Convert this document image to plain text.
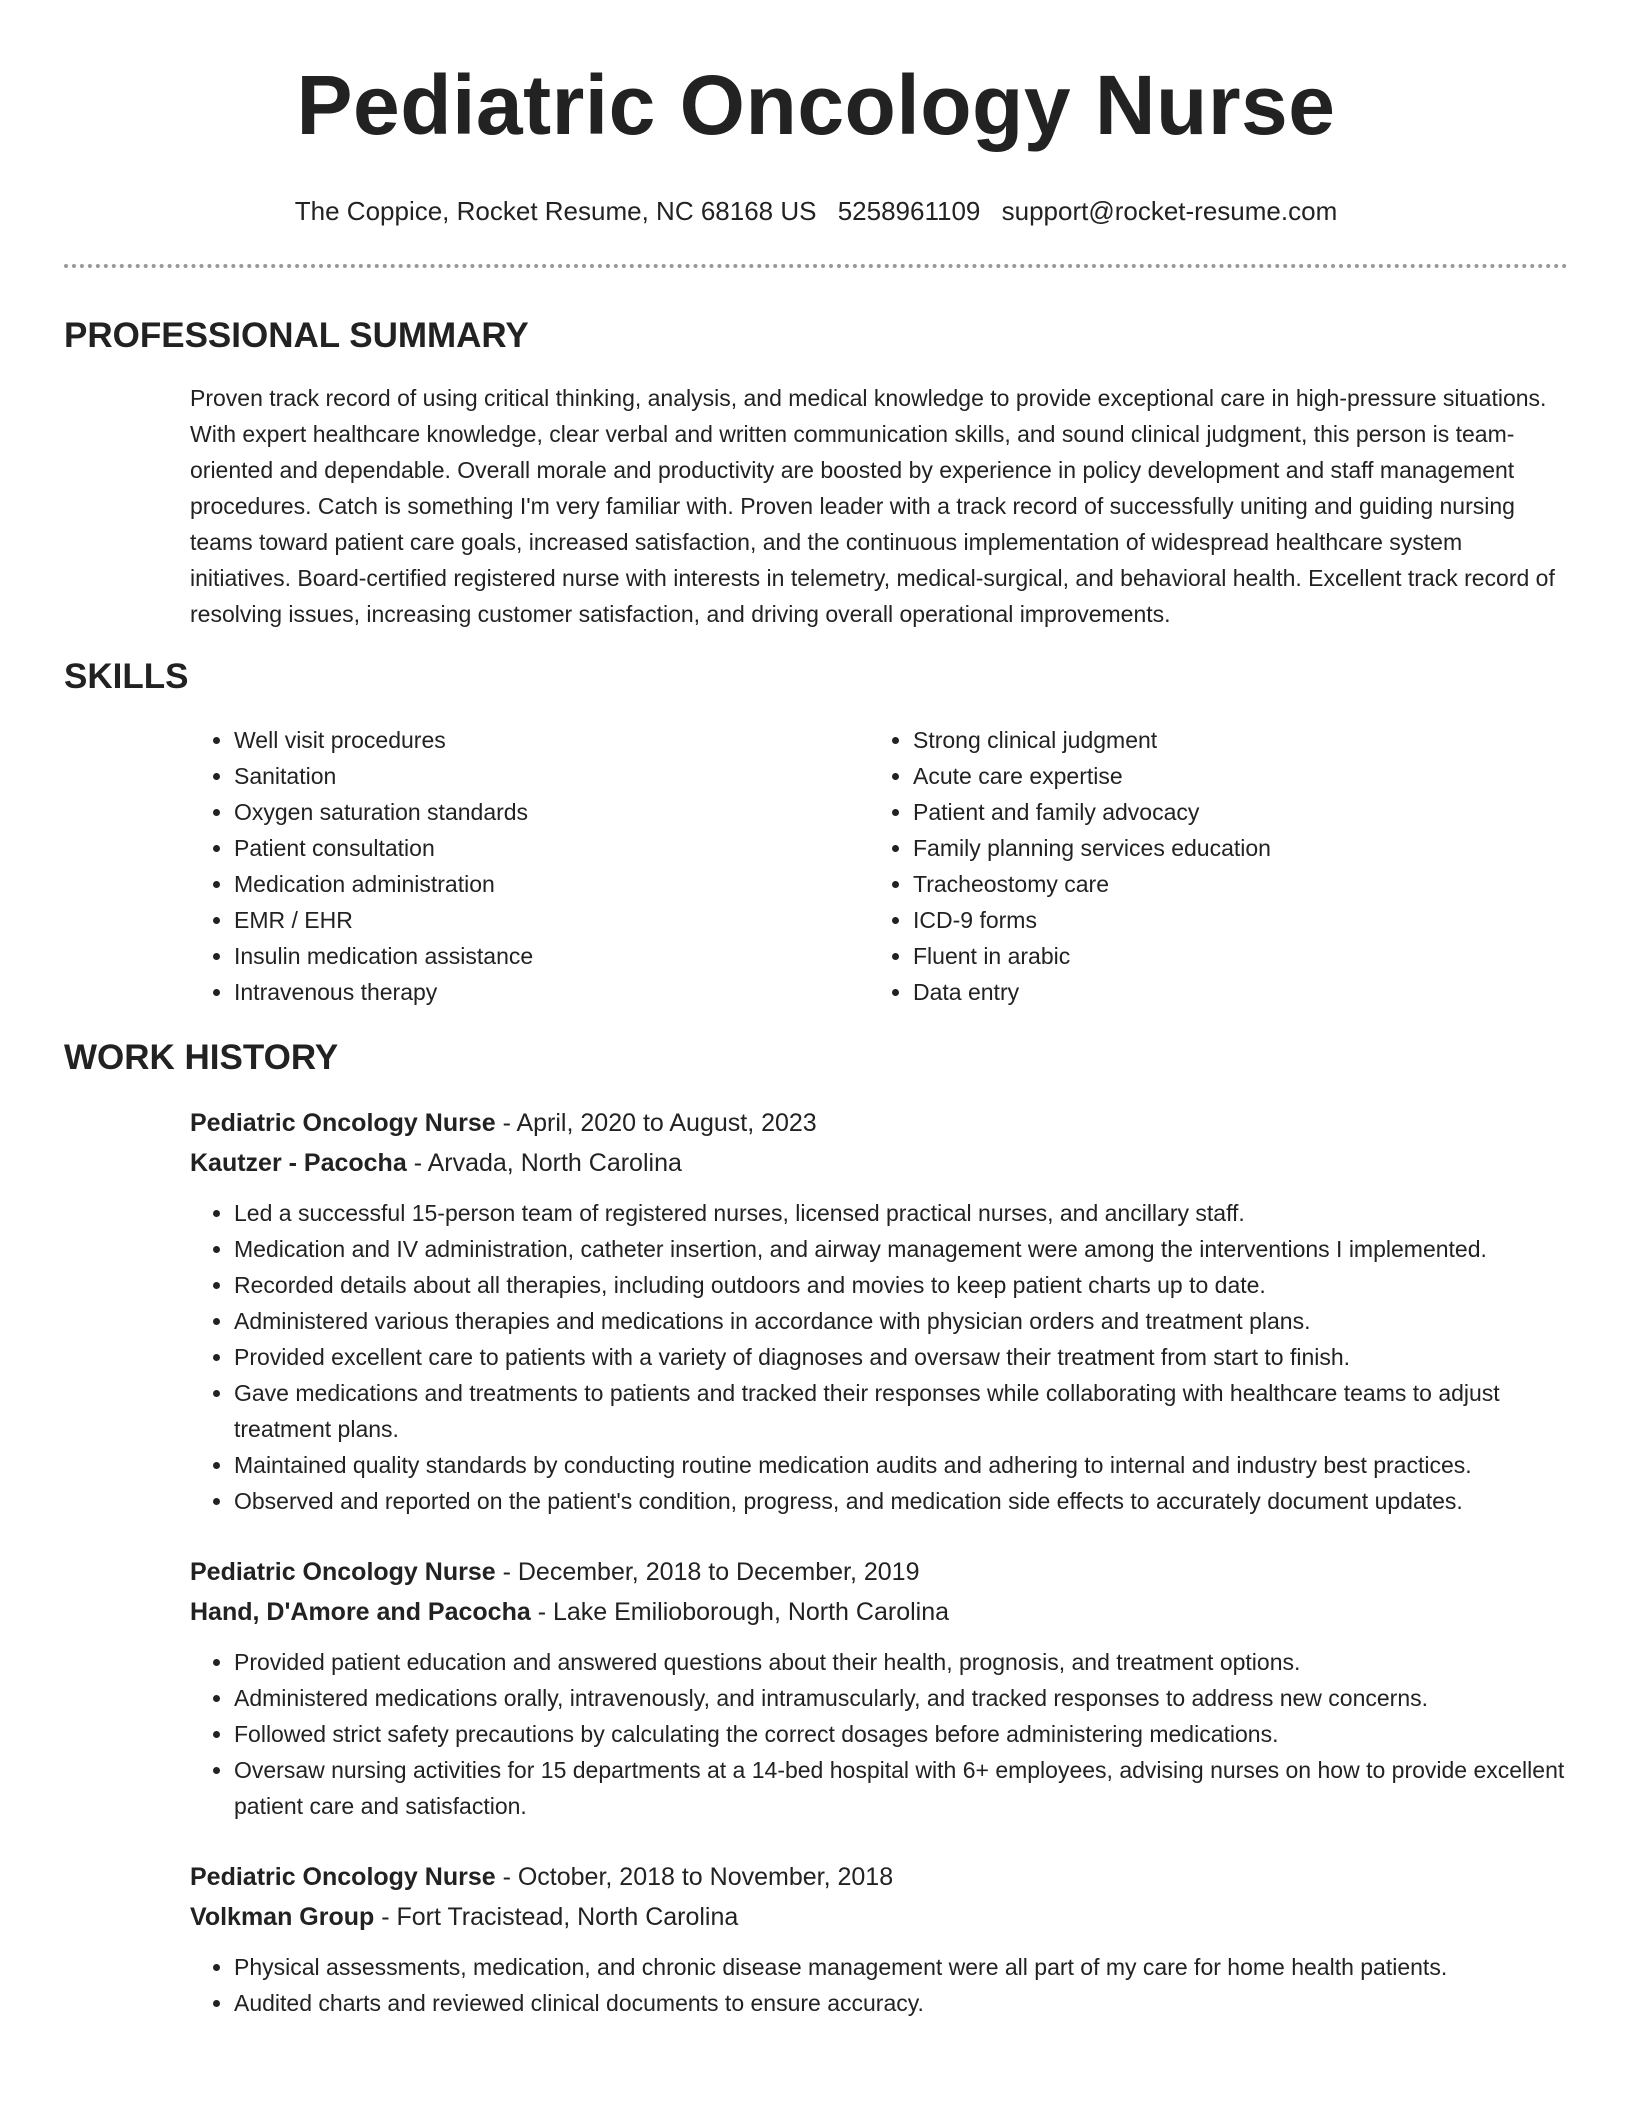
Pediatric Oncology Nurse
The Coppice, Rocket Resume, NC 68168 US 5258961109 support@rocket-resume.com
PROFESSIONAL SUMMARY

Proven track record of using critical thinking, analysis, and medical knowledge to provide exceptional care in high-pressure situations. With expert healthcare knowledge, clear verbal and written communication skills, and sound clinical judgment, this person is team-oriented and dependable. Overall morale and productivity are boosted by experience in policy development and staff management procedures. Catch is something I'm very familiar with. Proven leader with a track record of successfully uniting and guiding nursing teams toward patient care goals, increased satisfaction, and the continuous implementation of widespread healthcare system initiatives. Board-certified registered nurse with interests in telemetry, medical-surgical, and behavioral health. Excellent track record of resolving issues, increasing customer satisfaction, and driving overall operational improvements.

SKILLS
• Well visit procedures
• Sanitation
• Oxygen saturation standards
• Patient consultation
• Medication administration
• EMR / EHR
• Insulin medication assistance
• Intravenous therapy
• Strong clinical judgment
• Acute care expertise
• Patient and family advocacy
• Family planning services education
• Tracheostomy care
• ICD-9 forms
• Fluent in arabic
• Data entry
WORK HISTORY
Pediatric Oncology Nurse - April, 2020 to August, 2023
Kautzer - Pacocha - Arvada, North Carolina
• Led a successful 15-person team of registered nurses, licensed practical nurses, and ancillary staff.
• Medication and IV administration, catheter insertion, and airway management were among the interventions I implemented.
• Recorded details about all therapies, including outdoors and movies to keep patient charts up to date.
• Administered various therapies and medications in accordance with physician orders and treatment plans.
• Provided excellent care to patients with a variety of diagnoses and oversaw their treatment from start to finish.
• Gave medications and treatments to patients and tracked their responses while collaborating with healthcare teams to adjust treatment plans.
• Maintained quality standards by conducting routine medication audits and adhering to internal and industry best practices.
• Observed and reported on the patient's condition, progress, and medication side effects to accurately document updates.
Pediatric Oncology Nurse - December, 2018 to December, 2019
Hand, D'Amore and Pacocha - Lake Emilioborough, North Carolina
• Provided patient education and answered questions about their health, prognosis, and treatment options.
• Administered medications orally, intravenously, and intramuscularly, and tracked responses to address new concerns.
• Followed strict safety precautions by calculating the correct dosages before administering medications.
• Oversaw nursing activities for 15 departments at a 14-bed hospital with 6+ employees, advising nurses on how to provide excellent patient care and satisfaction.
Pediatric Oncology Nurse - October, 2018 to November, 2018
Volkman Group - Fort Tracistead, North Carolina
• Physical assessments, medication, and chronic disease management were all part of my care for home health patients.
• Audited charts and reviewed clinical documents to ensure accuracy.
